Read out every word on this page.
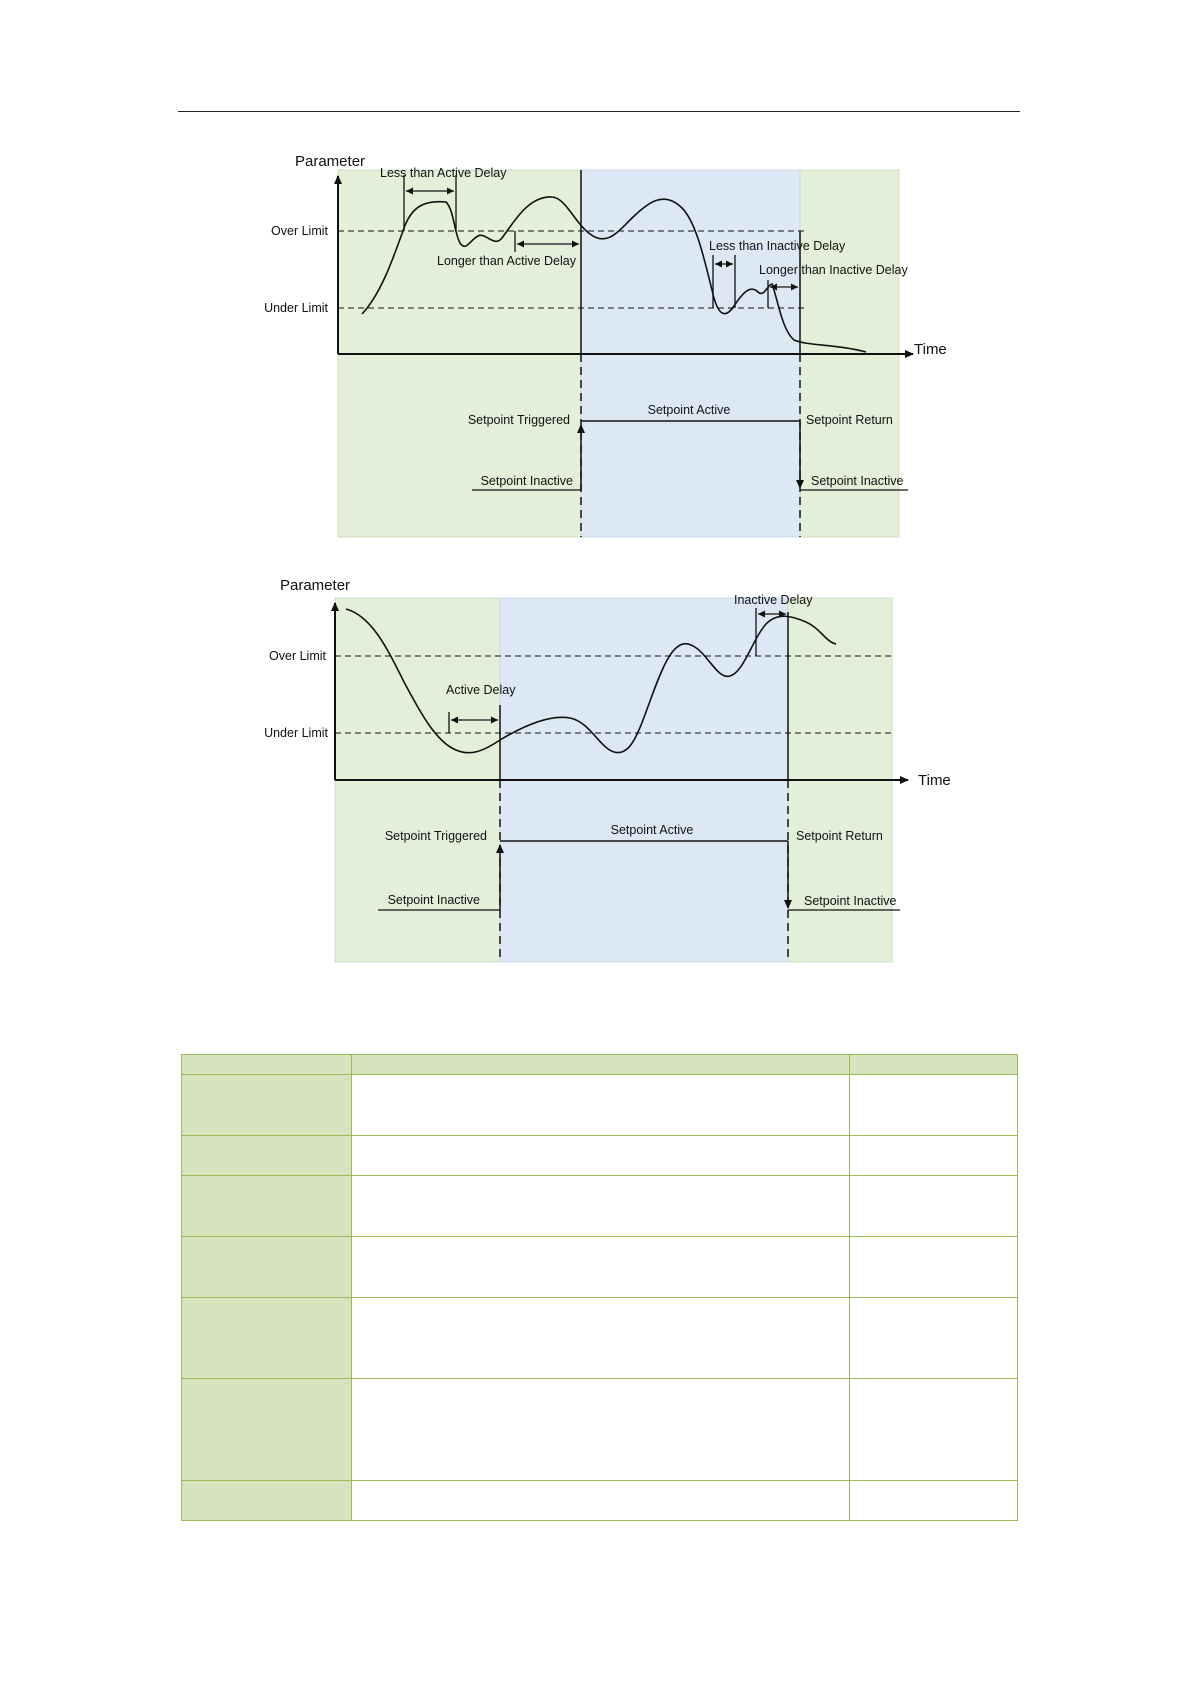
Parameter
Time
Over Limit
Under Limit
Less than Active Delay
Longer than Active Delay
Less than Inactive Delay
Longer than Inactive Delay
Setpoint Triggered
Setpoint Active
Setpoint Return
Setpoint Inactive	Setpoint Inactive
Parameter
Time
Over Limit
Under Limit
Active Delay
Inactive Delay
Setpoint Triggered	Setpoint Active	Setpoint Return
Setpoint Inactive	Setpoint Inactive
